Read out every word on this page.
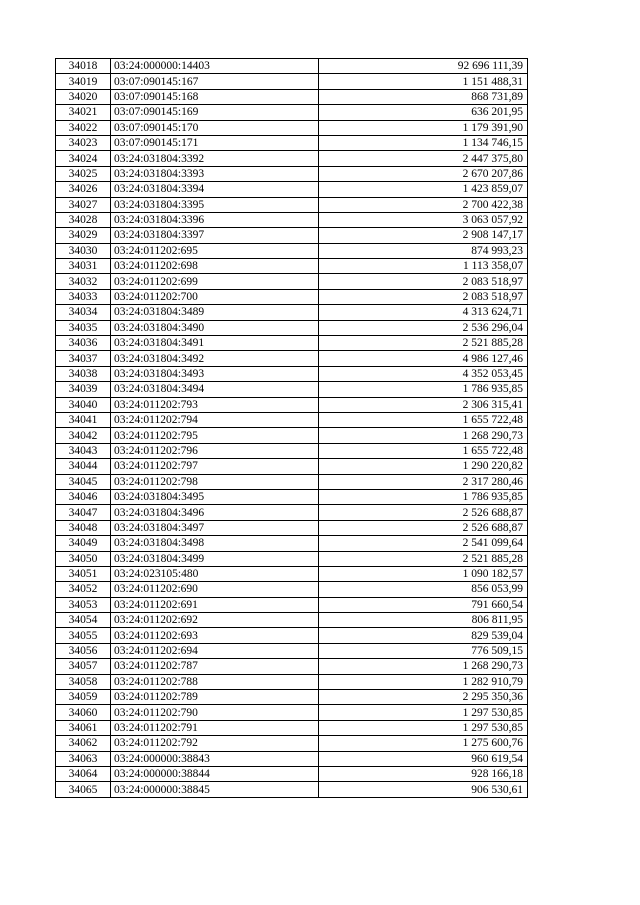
34018	03:24:000000:14403	92 696 111,39
34019	03:07:090145:167	1 151 488,31
34020	03:07:090145:168	868 731,89
34021	03:07:090145:169	636 201,95
34022	03:07:090145:170	1 179 391,90
34023	03:07:090145:171	1 134 746,15
34024	03:24:031804:3392	2 447 375,80
34025	03:24:031804:3393	2 670 207,86
34026	03:24:031804:3394	1 423 859,07
34027	03:24:031804:3395	2 700 422,38
34028	03:24:031804:3396	3 063 057,92
34029	03:24:031804:3397	2 908 147,17
34030	03:24:011202:695	874 993,23
34031	03:24:011202:698	1 113 358,07
34032	03:24:011202:699	2 083 518,97
34033	03:24:011202:700	2 083 518,97
34034	03:24:031804:3489	4 313 624,71
34035	03:24:031804:3490	2 536 296,04
34036	03:24:031804:3491	2 521 885,28
34037	03:24:031804:3492	4 986 127,46
34038	03:24:031804:3493	4 352 053,45
34039	03:24:031804:3494	1 786 935,85
34040	03:24:011202:793	2 306 315,41
34041	03:24:011202:794	1 655 722,48
34042	03:24:011202:795	1 268 290,73
34043	03:24:011202:796	1 655 722,48
34044	03:24:011202:797	1 290 220,82
34045	03:24:011202:798	2 317 280,46
34046	03:24:031804:3495	1 786 935,85
34047	03:24:031804:3496	2 526 688,87
34048	03:24:031804:3497	2 526 688,87
34049	03:24:031804:3498	2 541 099,64
34050	03:24:031804:3499	2 521 885,28
34051	03:24:023105:480	1 090 182,57
34052	03:24:011202:690	856 053,99
34053	03:24:011202:691	791 660,54
34054	03:24:011202:692	806 811,95
34055	03:24:011202:693	829 539,04
34056	03:24:011202:694	776 509,15
34057	03:24:011202:787	1 268 290,73
34058	03:24:011202:788	1 282 910,79
34059	03:24:011202:789	2 295 350,36
34060	03:24:011202:790	1 297 530,85
34061	03:24:011202:791	1 297 530,85
34062	03:24:011202:792	1 275 600,76
34063	03:24:000000:38843	960 619,54
34064	03:24:000000:38844	928 166,18
34065	03:24:000000:38845	906 530,61
